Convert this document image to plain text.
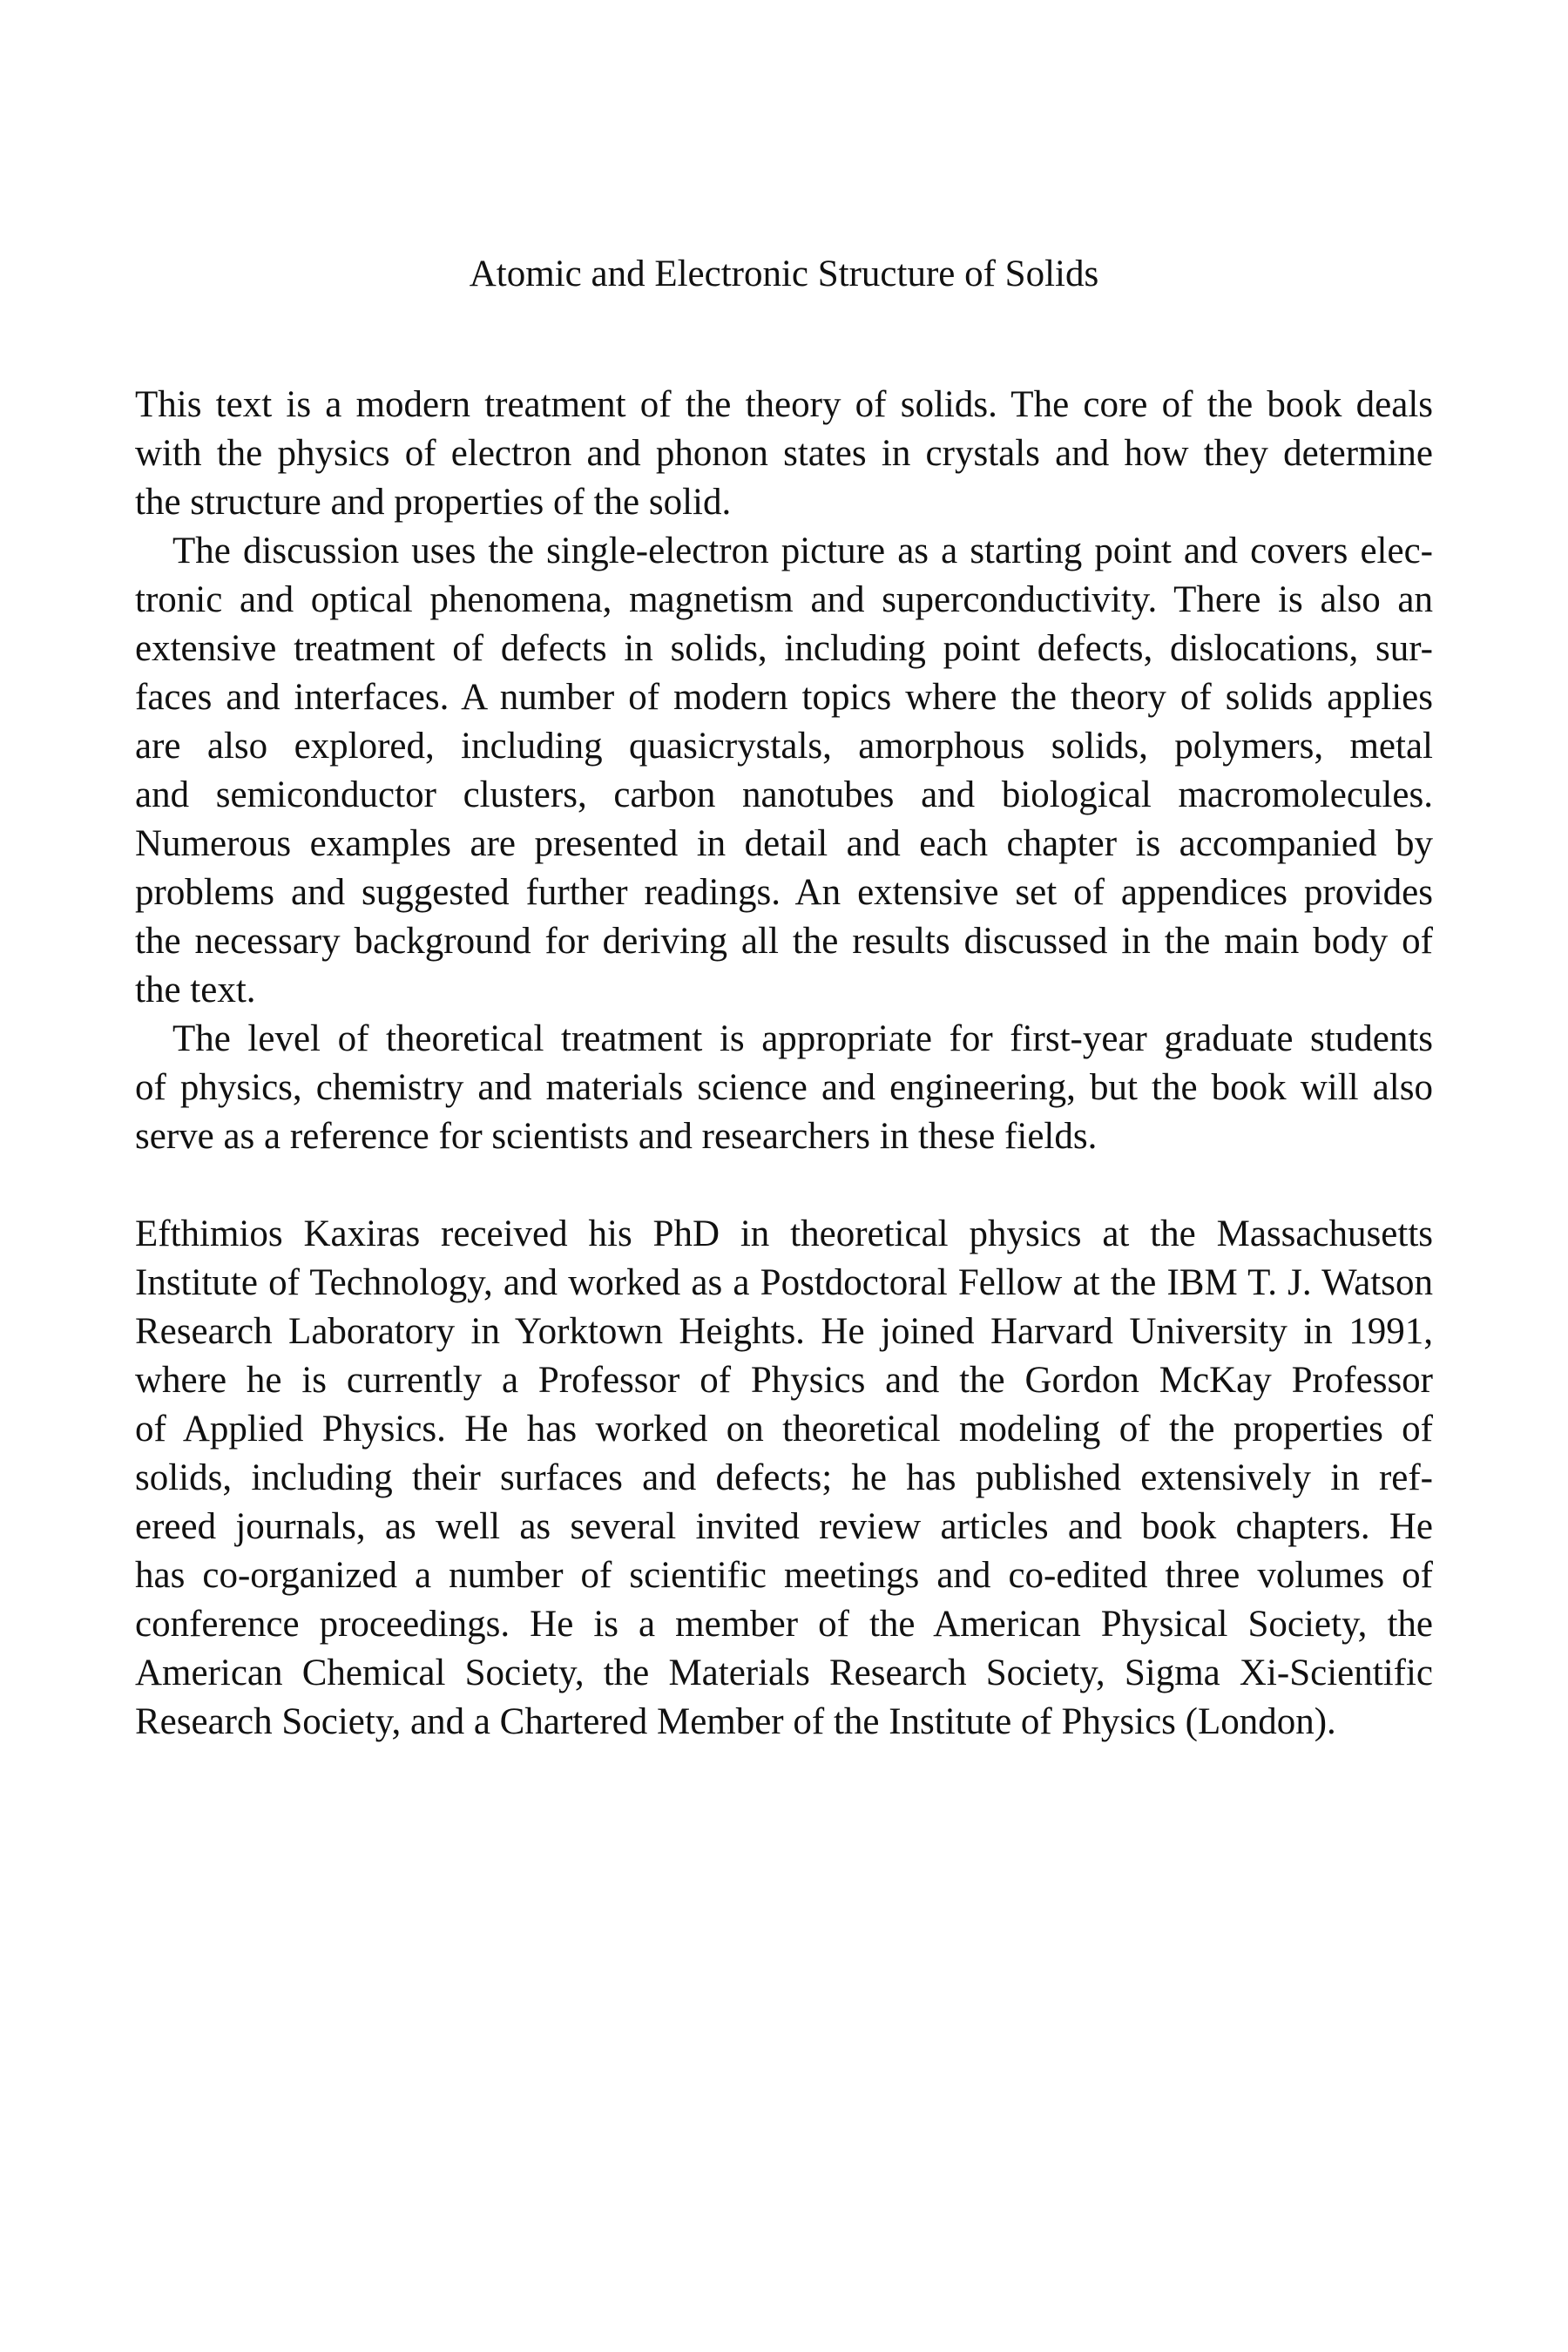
Atomic and Electronic Structure of Solids
This text is a modern treatment of the theory of solids. The core of the book deals
with the physics of electron and phonon states in crystals and how they determine
the structure and properties of the solid.
The discussion uses the single-electron picture as a starting point and covers elec-
tronic and optical phenomena, magnetism and superconductivity. There is also an
extensive treatment of defects in solids, including point defects, dislocations, sur-
faces and interfaces. A number of modern topics where the theory of solids applies
are also explored, including quasicrystals, amorphous solids, polymers, metal
and semiconductor clusters, carbon nanotubes and biological macromolecules.
Numerous examples are presented in detail and each chapter is accompanied by
problems and suggested further readings. An extensive set of appendices provides
the necessary background for deriving all the results discussed in the main body of
the text.
The level of theoretical treatment is appropriate for first-year graduate students
of physics, chemistry and materials science and engineering, but the book will also
serve as a reference for scientists and researchers in these fields.
Efthimios Kaxiras received his PhD in theoretical physics at the Massachusetts
Institute of Technology, and worked as a Postdoctoral Fellow at the IBM T. J. Watson
Research Laboratory in Yorktown Heights. He joined Harvard University in 1991,
where he is currently a Professor of Physics and the Gordon McKay Professor
of Applied Physics. He has worked on theoretical modeling of the properties of
solids, including their surfaces and defects; he has published extensively in ref-
ereed journals, as well as several invited review articles and book chapters. He
has co-organized a number of scientific meetings and co-edited three volumes of
conference proceedings. He is a member of the American Physical Society, the
American Chemical Society, the Materials Research Society, Sigma Xi-Scientific
Research Society, and a Chartered Member of the Institute of Physics (London).
